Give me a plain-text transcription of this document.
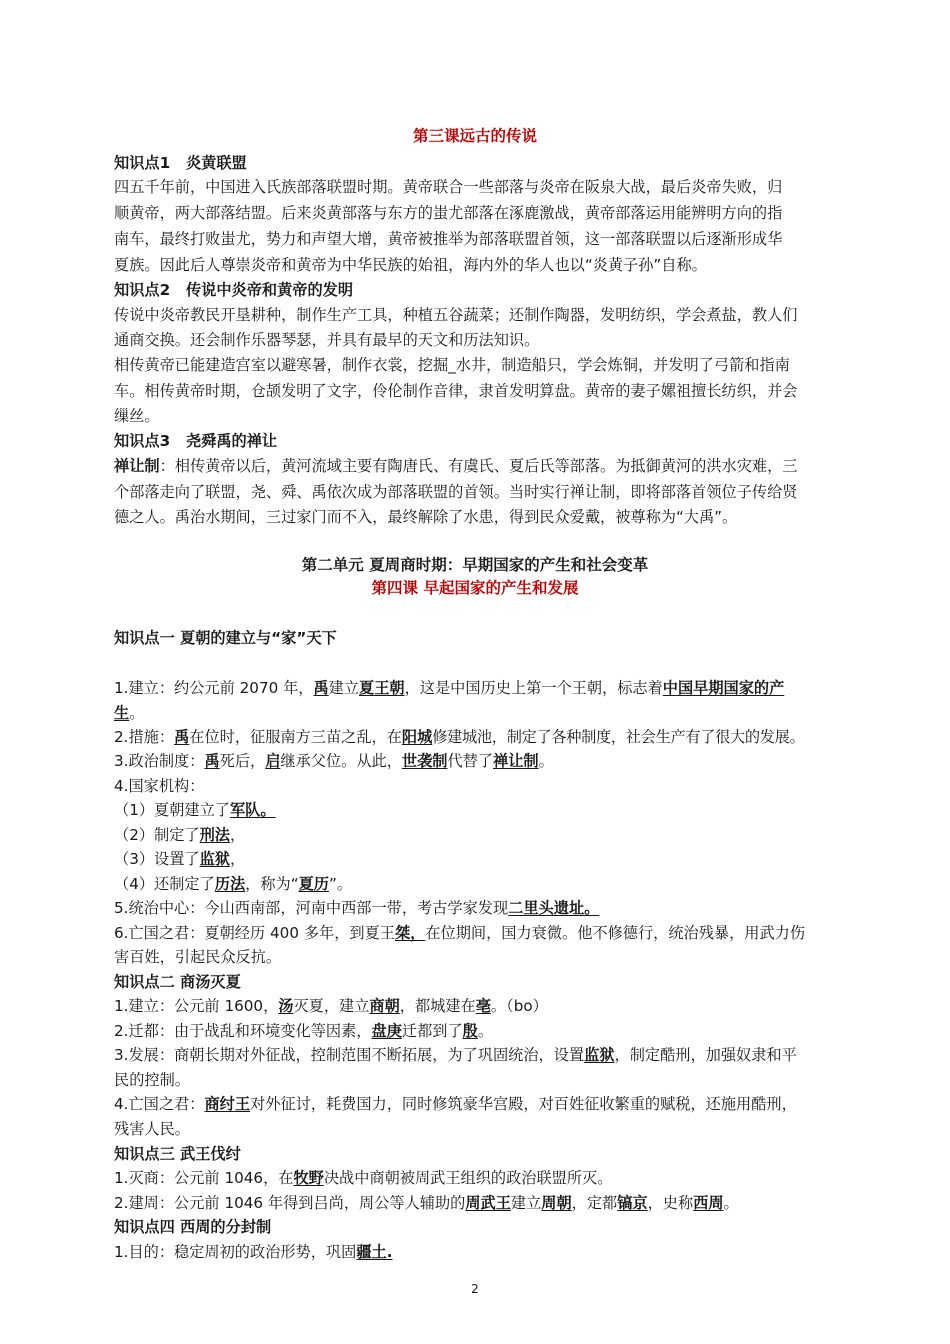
第三课远古的传说
知识点1   炎黄联盟
四五千年前，中国进入氏族部落联盟时期。黄帝联合一些部落与炎帝在阪泉大战，最后炎帝失败，归
顺黄帝，两大部落结盟。后来炎黄部落与东方的蚩尤部落在涿鹿激战，黄帝部落运用能辨明方向的指
南车，最终打败蚩尤，势力和声望大增，黄帝被推举为部落联盟首领，这一部落联盟以后逐渐形成华
夏族。因此后人尊崇炎帝和黄帝为中华民族的始祖，海内外的华人也以“炎黄子孙”自称。
知识点2   传说中炎帝和黄帝的发明
传说中炎帝教民开垦耕种，制作生产工具，种植五谷蔬菜；还制作陶器，发明纺织，学会煮盐，教人们
通商交换。还会制作乐器琴瑟，并具有最早的天文和历法知识。
相传黄帝已能建造宫室以避寒暑，制作衣裳，挖掘_水井，制造船只，学会炼铜，并发明了弓箭和指南
车。相传黄帝时期，仓颉发明了文字，伶伦制作音律，隶首发明算盘。黄帝的妻子嫘祖擅长纺织，并会
缫丝。
知识点3   尧舜禹的禅让
禅让制：相传黄帝以后，黄河流域主要有陶唐氏、有虞氏、夏后氏等部落。为抵御黄河的洪水灾难，三
个部落走向了联盟，尧、舜、禹依次成为部落联盟的首领。当时实行禅让制，即将部落首领位子传给贤
德之人。禹治水期间，三过家门而不入，最终解除了水患，得到民众爱戴，被尊称为“大禹”。
第二单元 夏周商时期：早期国家的产生和社会变革
第四课 早起国家的产生和发展
知识点一 夏朝的建立与“家”天下
1.建立：约公元前 2070 年，禹建立夏王朝，这是中国历史上第一个王朝，标志着中国早期国家的产
生。
2.措施：禹在位时，征服南方三苗之乱，在阳城修建城池，制定了各种制度，社会生产有了很大的发展。
3.政治制度：禹死后，启继承父位。从此，世袭制代替了禅让制。
4.国家机构：
（1）夏朝建立了军队。
（2）制定了刑法，
（3）设置了监狱，
（4）还制定了历法，称为“夏历”。
5.统治中心：今山西南部，河南中西部一带，考古学家发现二里头遗址。
6.亡国之君：夏朝经历 400 多年，到夏王桀，在位期间，国力衰微。他不修德行，统治残暴，用武力伤
害百姓，引起民众反抗。
知识点二 商汤灭夏
1.建立：公元前 1600，汤灭夏，建立商朝，都城建在亳。（bo）
2.迁都：由于战乱和环境变化等因素，盘庚迁都到了殷。
3.发展：商朝长期对外征战，控制范围不断拓展，为了巩固统治，设置监狱，制定酷刑，加强奴隶和平
民的控制。
4.亡国之君：商纣王对外征讨，耗费国力，同时修筑豪华宫殿，对百姓征收繁重的赋税，还施用酷刑，
残害人民。
知识点三 武王伐纣
1.灭商：公元前 1046，在牧野决战中商朝被周武王组织的政治联盟所灭。
2.建周：公元前 1046 年得到吕尚，周公等人辅助的周武王建立周朝，定都镐京，史称西周。
知识点四 西周的分封制
1.目的：稳定周初的政治形势，巩固疆土.
2
